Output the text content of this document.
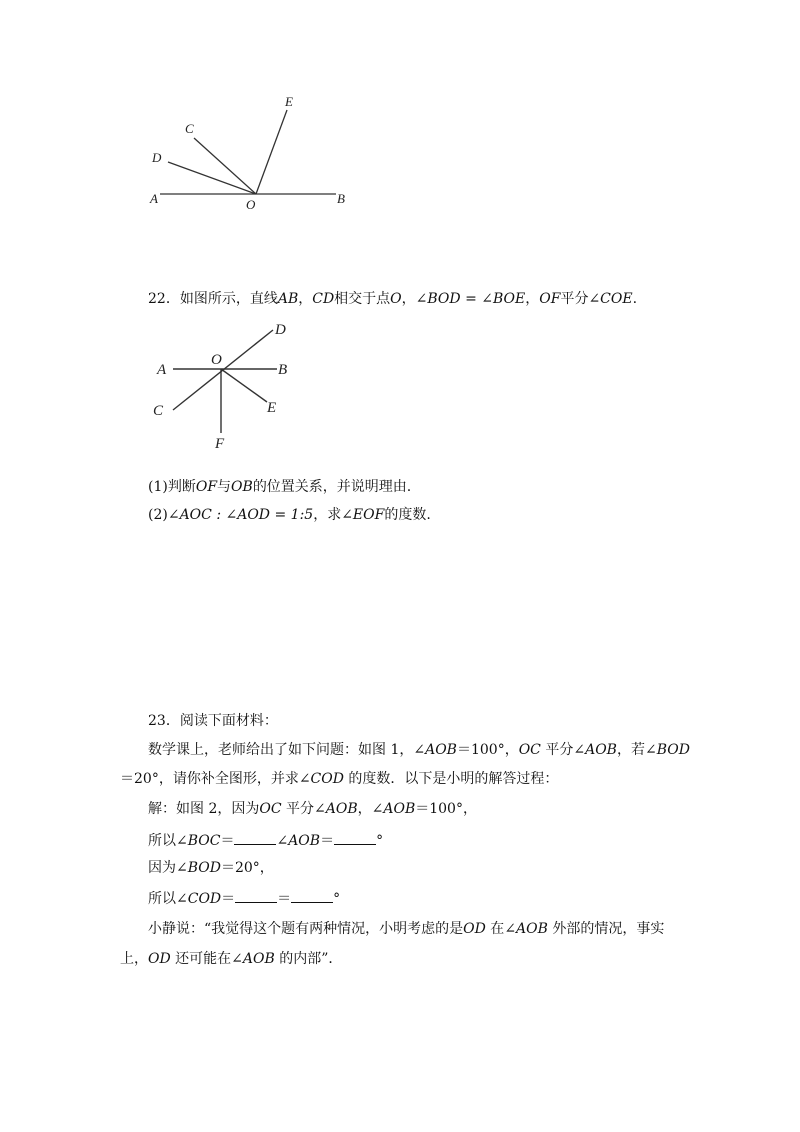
E
C
D
A	O	B
22．如图所示，直线AB，CD相交于点O，∠BOD = ∠BOE，OF平分∠COE.
D
O
A	B
C	E
F
(1)判断OF与OB的位置关系，并说明理由.
(2)∠AOC : ∠AOD = 1:5，求∠EOF的度数.
23．阅读下面材料：
数学课上，老师给出了如下问题：如图 1，∠AOB＝100°，OC 平分∠AOB，若∠BOD
＝20°，请你补全图形，并求∠COD 的度数．以下是小明的解答过程：
解：如图 2，因为OC 平分∠AOB，∠AOB＝100°，
所以∠BOC＝	∠AOB＝	°
因为∠BOD＝20°，
所以∠COD＝	＝	°
小静说：“我觉得这个题有两种情况，小明考虑的是OD 在∠AOB 外部的情况，事实
上，OD 还可能在∠AOB 的内部”．
